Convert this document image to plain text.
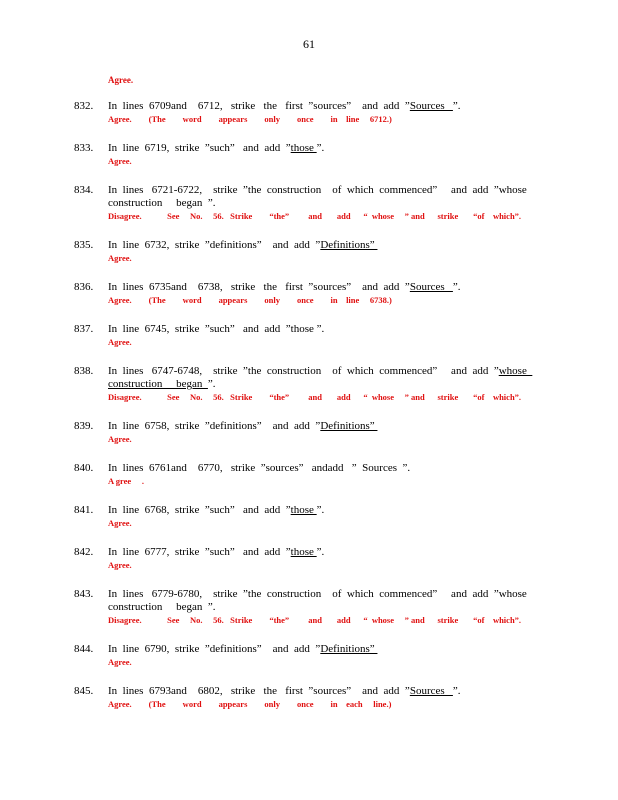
61
Agree.
832. In  lines  6709and    6712,   strike   the   first  ”sources”    and  add  ”Sources   ”.
Agree.        (The        word        appears        only        once        in    line     6712.)
833. In  line  6719,  strike  ”such”   and  add  ”those ”.
Agree.
834. In  lines   6721-6722,    strike  ”the  construction    of  which  commenced”     and  add  ”whose
construction     began  ”.
Disagree.            See     No.     56.   Strike        “the”         and       add      “  whose     ” and      strike       “of    which”.
835. In  line  6732,  strike  ”definitions”    and  add  ”Definitions”
Agree.
836. In  lines  6735and    6738,   strike   the   first  ”sources”    and  add  ”Sources   ”.
Agree.        (The        word        appears        only        once        in    line     6738.)
837. In  line  6745,  strike  ”such”   and  add  ”those ”.
Agree.
838. In  lines   6747-6748,    strike  ”the  construction    of  which  commenced”     and  add  ”whose
construction     began  ”.
Disagree.            See     No.     56.   Strike        “the”         and       add      “  whose     ” and      strike       “of    which”.
839. In  line  6758,  strike  ”definitions”    and  add  ”Definitions”
Agree.
840. In  lines  6761and    6770,   strike  ”sources”   andadd   ”  Sources  ”.
A gree     .
841. In  line  6768,  strike  ”such”   and  add  ”those ”.
Agree.
842. In  line  6777,  strike  ”such”   and  add  ”those ”.
Agree.
843. In  lines   6779-6780,    strike  ”the  construction    of  which  commenced”     and  add  ”whose
construction     began  ”.
Disagree.            See     No.     56.   Strike        “the”         and       add      “  whose     ” and      strike       “of    which”.
844. In  line  6790,  strike  ”definitions”    and  add  ”Definitions”
Agree.
845. In  lines  6793and    6802,   strike   the   first  ”sources”    and  add  ”Sources   ”.
Agree.        (The        word        appears        only        once        in    each     line.)
